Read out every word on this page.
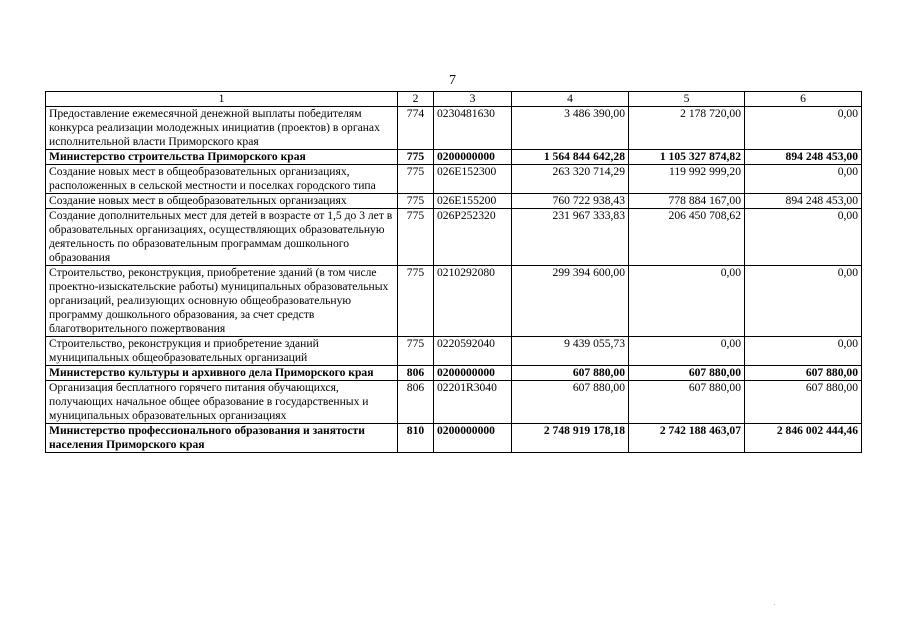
7
1	2	3	4	5	6
Предоставление ежемесячной денежной выплаты победителям конкурса реализации молодежных инициатив (проектов) в органах исполнительной власти Приморского края	774	0230481630	3 486 390,00	2 178 720,00	0,00
Министерство строительства Приморского края	775	0200000000	1 564 844 642,28	1 105 327 874,82	894 248 453,00
Создание новых мест в общеобразовательных организациях, расположенных в сельской местности и поселках городского типа	775	026E152300	263 320 714,29	119 992 999,20	0,00
Создание новых мест в общеобразовательных организациях	775	026E155200	760 722 938,43	778 884 167,00	894 248 453,00
Создание дополнительных мест для детей в возрасте от 1,5 до 3 лет в образовательных организациях, осуществляющих образовательную деятельность по образовательным программам дошкольного образования	775	026P252320	231 967 333,83	206 450 708,62	0,00
Строительство, реконструкция, приобретение зданий (в том числе проектно-изыскательские работы) муниципальных образовательных организаций, реализующих основную общеобразовательную программу дошкольного образования, за счет средств благотворительного пожертвования	775	0210292080	299 394 600,00	0,00	0,00
Строительство, реконструкция и приобретение зданий муниципальных общеобразовательных организаций	775	0220592040	9 439 055,73	0,00	0,00
Министерство культуры и архивного дела Приморского края	806	0200000000	607 880,00	607 880,00	607 880,00
Организация бесплатного горячего питания обучающихся, получающих начальное общее образование в государственных и муниципальных образовательных организациях	806	02201R3040	607 880,00	607 880,00	607 880,00
Министерство профессионального образования и занятости населения Приморского края	810	0200000000	2 748 919 178,18	2 742 188 463,07	2 846 002 444,46
